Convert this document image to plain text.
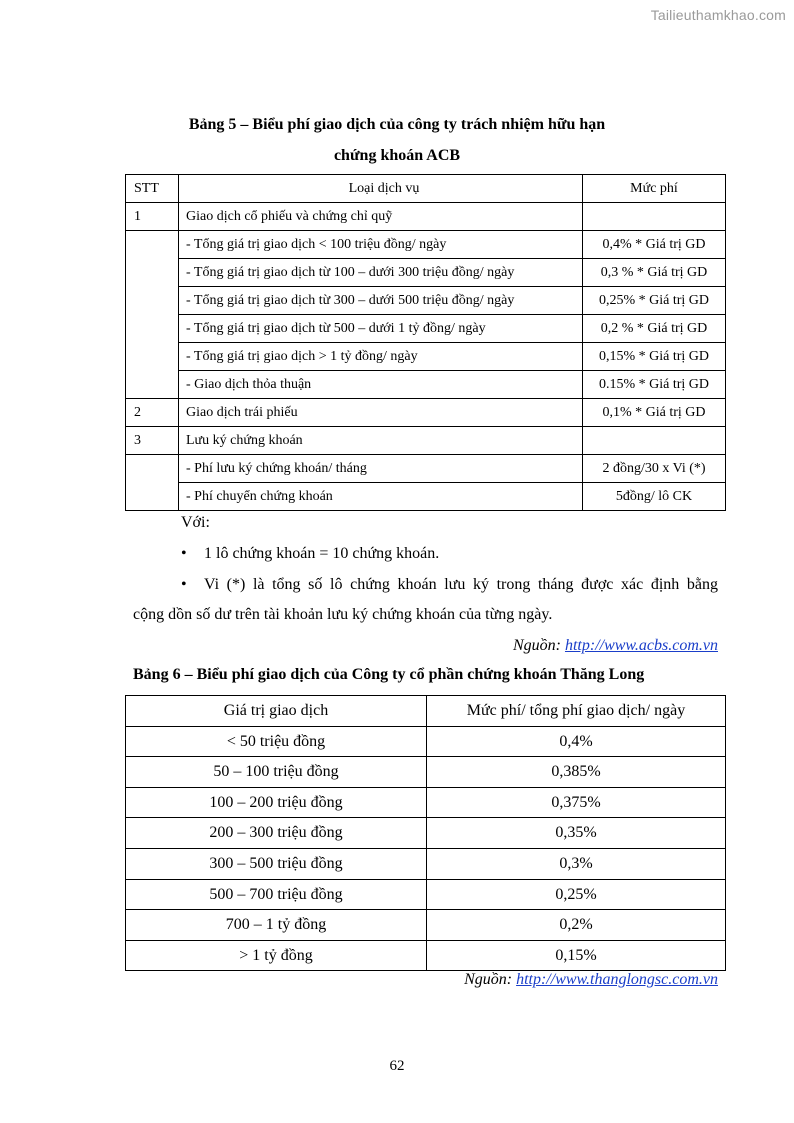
Tailieuthamkhao.com
Bảng 5 – Biểu phí giao dịch của công ty trách nhiệm hữu hạn
chứng khoán ACB
STT	Loại dịch vụ	Mức phí
1	Giao dịch cổ phiếu và chứng chỉ quỹ	
	- Tổng giá trị giao dịch < 100 triệu đồng/ ngày	0,4% * Giá trị GD
	- Tổng giá trị giao dịch từ 100 – dưới 300 triệu đồng/ ngày	0,3 % * Giá trị GD
	- Tổng giá trị giao dịch từ 300 – dưới 500 triệu đồng/ ngày	0,25% * Giá trị GD
	- Tổng giá trị giao dịch từ 500 – dưới 1 tỷ đồng/ ngày	0,2 % * Giá trị GD
	- Tổng giá trị giao dịch > 1 tỷ đồng/ ngày	0,15% * Giá trị GD
	- Giao dịch thỏa thuận	0.15% * Giá trị GD
2	Giao dịch trái phiếu	0,1% * Giá trị GD
3	Lưu ký chứng khoán	
	- Phí lưu ký chứng khoán/ tháng	2 đồng/30 x Vi (*)
	- Phí chuyển chứng khoán	5đồng/ lô CK
Với:
• 1 lô chứng khoán = 10 chứng khoán.
• Vi (*) là tổng số lô chứng khoán lưu ký trong tháng được xác định bằng
cộng dồn số dư trên tài khoản lưu ký chứng khoán của từng ngày.
Nguồn: http://www.acbs.com.vn
Bảng 6 – Biểu phí giao dịch của Công ty cổ phần chứng khoán Thăng Long
Giá trị giao dịch	Mức phí/ tổng phí giao dịch/ ngày
< 50 triệu đồng	0,4%
50 – 100 triệu đồng	0,385%
100 – 200 triệu đồng	0,375%
200 – 300 triệu đồng	0,35%
300 – 500 triệu đồng	0,3%
500 – 700 triệu đồng	0,25%
700 – 1 tỷ đồng	0,2%
> 1 tỷ đồng	0,15%
Nguồn: http://www.thanglongsc.com.vn
62
